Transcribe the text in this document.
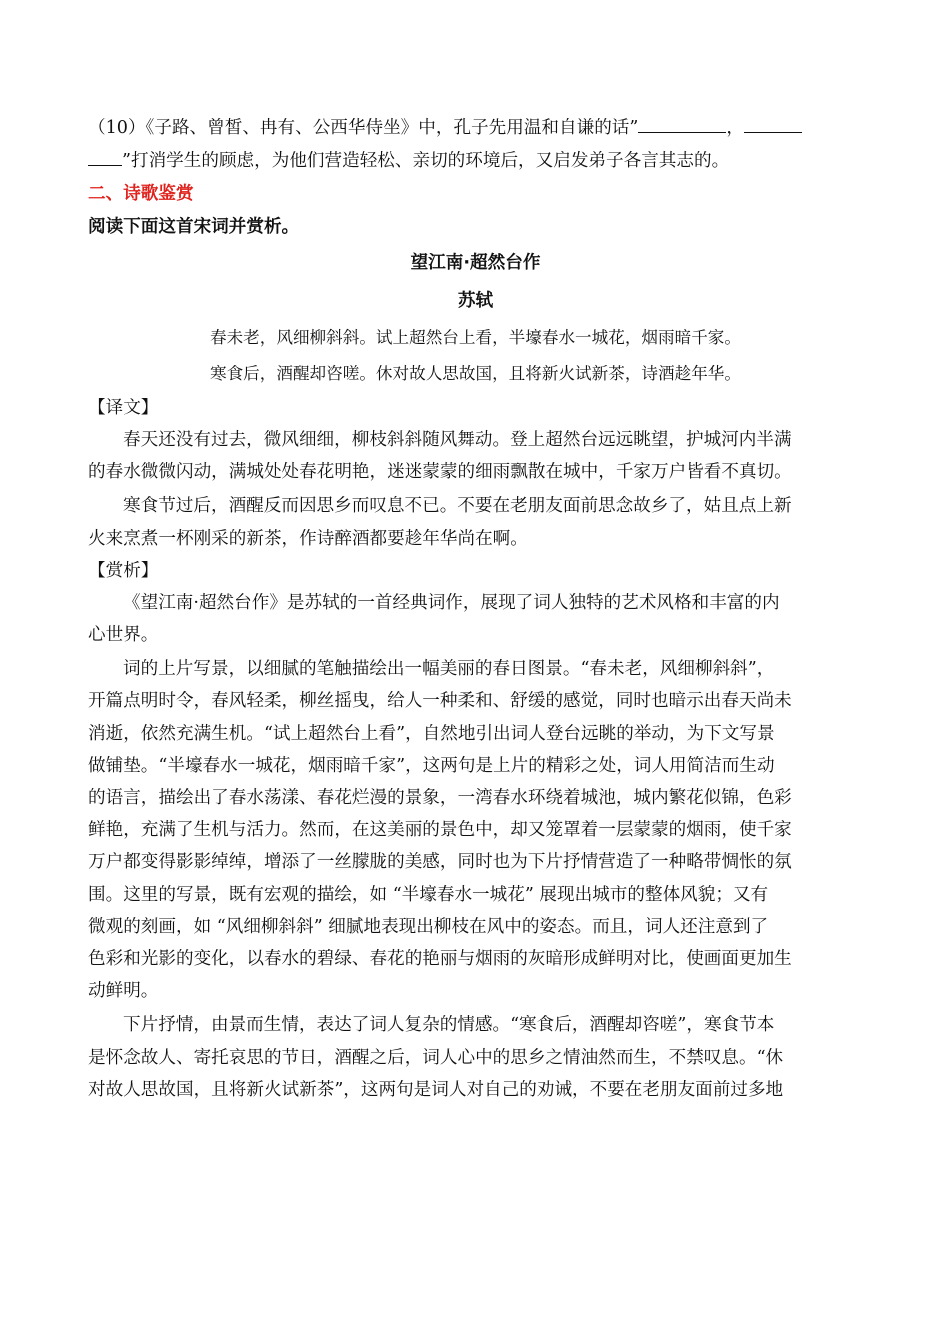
（10）《子路、曾皙、冉有、公西华侍坐》中，孔子先用温和自谦的话”	，

”打消学生的顾虑，为他们营造轻松、亲切的环境后，又启发弟子各言其志的。

二、诗歌鉴赏

阅读下面这首宋词并赏析。

望江南·超然台作

苏轼

春未老，风细柳斜斜。试上超然台上看，半壕春水一城花，烟雨暗千家。

寒食后，酒醒却咨嗟。休对故人思故国，且将新火试新茶，诗酒趁年华。

【译文】

春天还没有过去，微风细细，柳枝斜斜随风舞动。登上超然台远远眺望，护城河内半满

的春水微微闪动，满城处处春花明艳，迷迷蒙蒙的细雨飘散在城中，千家万户皆看不真切。

寒食节过后，酒醒反而因思乡而叹息不已。不要在老朋友面前思念故乡了，姑且点上新

火来烹煮一杯刚采的新茶，作诗醉酒都要趁年华尚在啊。

【赏析】

《望江南·超然台作》是苏轼的一首经典词作，展现了词人独特的艺术风格和丰富的内

心世界。

词的上片写景，以细腻的笔触描绘出一幅美丽的春日图景。“春未老，风细柳斜斜”，

开篇点明时令，春风轻柔，柳丝摇曳，给人一种柔和、舒缓的感觉，同时也暗示出春天尚未

消逝，依然充满生机。“试上超然台上看”，自然地引出词人登台远眺的举动，为下文写景

做铺垫。“半壕春水一城花，烟雨暗千家”，这两句是上片的精彩之处，词人用简洁而生动

的语言，描绘出了春水荡漾、春花烂漫的景象，一湾春水环绕着城池，城内繁花似锦，色彩

鲜艳，充满了生机与活力。然而，在这美丽的景色中，却又笼罩着一层蒙蒙的烟雨，使千家

万户都变得影影绰绰，增添了一丝朦胧的美感，同时也为下片抒情营造了一种略带惆怅的氛

围。这里的写景，既有宏观的描绘，如 “半壕春水一城花” 展现出城市的整体风貌；又有

微观的刻画，如 “风细柳斜斜” 细腻地表现出柳枝在风中的姿态。而且，词人还注意到了

色彩和光影的变化，以春水的碧绿、春花的艳丽与烟雨的灰暗形成鲜明对比，使画面更加生

动鲜明。

下片抒情，由景而生情，表达了词人复杂的情感。“寒食后，酒醒却咨嗟”，寒食节本

是怀念故人、寄托哀思的节日，酒醒之后，词人心中的思乡之情油然而生，不禁叹息。“休

对故人思故国，且将新火试新茶”，这两句是词人对自己的劝诫，不要在老朋友面前过多地
